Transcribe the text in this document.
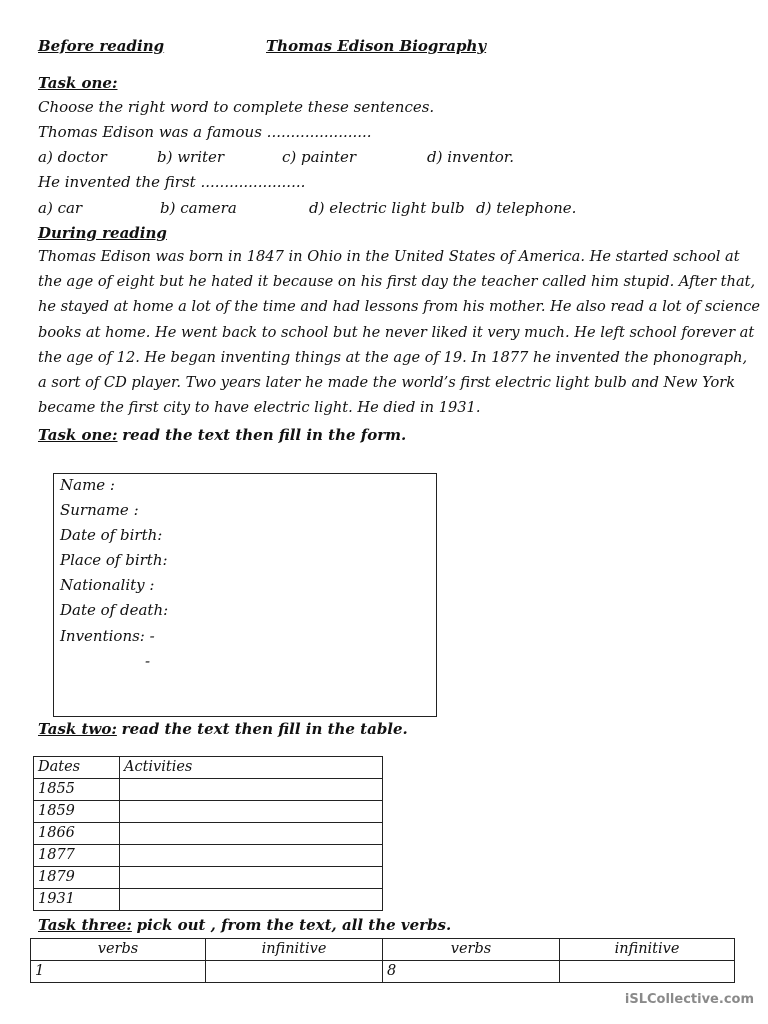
Before reading	Thomas Edison Biography
Task one:
Choose the right word to complete these sentences.
Thomas Edison was a famous ......................
a) doctor	b) writer	c) painter	d) inventor.
He invented the first ......................
a) car	b) camera	d) electric light bulb d) telephone.
During reading
Thomas Edison was born in 1847 in Ohio in the United States of America. He started school at
the age of eight but he hated it because on his first day the teacher called him stupid. After that,
he stayed at home a lot of the time and had lessons from his mother. He also read a lot of science
books at home. He went back to school but he never liked it very much. He left school forever at
the age of 12. He began inventing things at the age of 19. In 1877 he invented the phonograph,
a sort of CD player. Two years later he made the world’s first electric light bulb and New York
became the first city to have electric light. He died in 1931.
Task one: read the text then fill in the form.
Name :
Surname :
Date of birth:
Place of birth:
Nationality :
Date of death:
Inventions: -
-
Task two: read the text then fill in the table.
Dates	Activities
1855	
1859	
1866	
1877	
1879	
1931	
Task three: pick out , from the text, all the verbs.
verbs	infinitive	verbs	infinitive
1		8	
iSLCollective.com
